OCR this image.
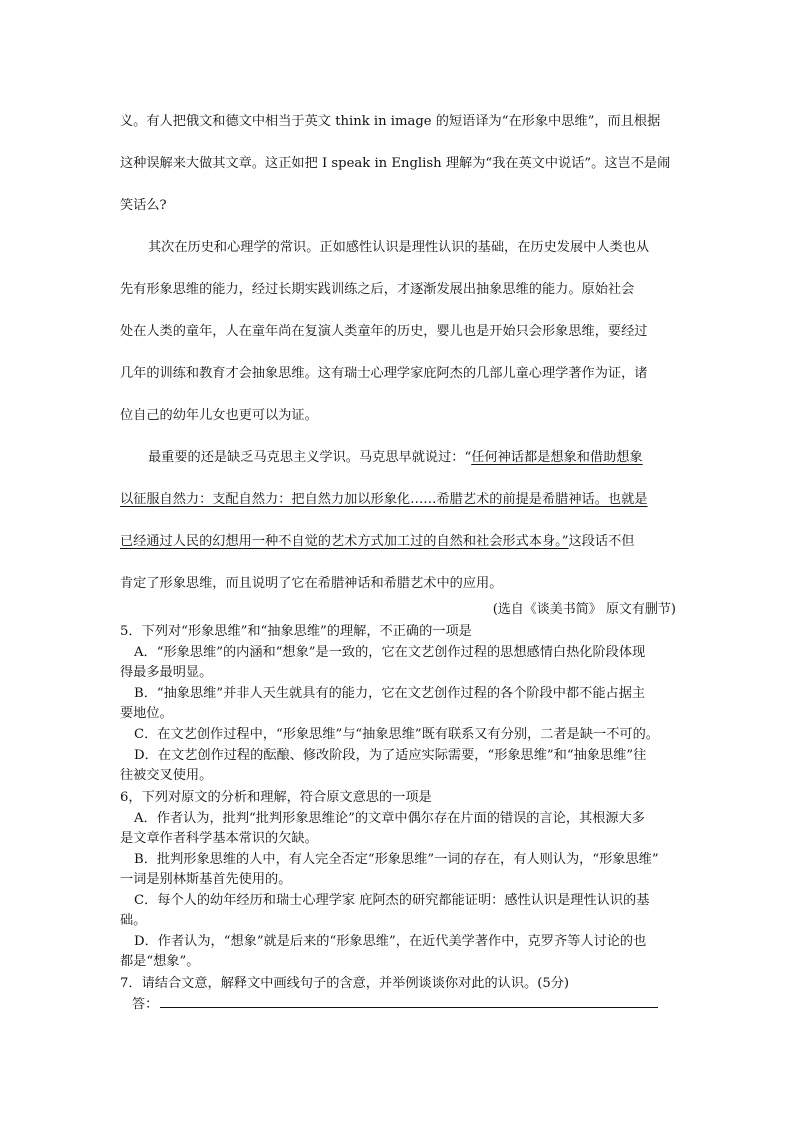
义。有人把俄文和德文中相当于英文 think in image 的短语译为“在形象中思维”，而且根据
这种误解来大做其文章。这正如把 I speak in English 理解为“我在英文中说话”。这岂不是闹
笑话么?
其次在历史和心理学的常识。正如感性认识是理性认识的基础，在历史发展中人类也从
先有形象思维的能力，经过长期实践训练之后，才逐渐发展出抽象思维的能力。原始社会
处在人类的童年，人在童年尚在复演人类童年的历史，婴儿也是开始只会形象思维，要经过
几年的训练和教育才会抽象思维。这有瑞士心理学家庇阿杰的几部儿童心理学著作为证，诸
位自己的幼年儿女也更可以为证。
最重要的还是缺乏马克思主义学识。马克思早就说过：“任何神话都是想象和借助想象
以征服自然力：支配自然力：把自然力加以形象化……希腊艺术的前提是希腊神话。也就是
已经通过人民的幻想用一种不自觉的艺术方式加工过的自然和社会形式本身。”这段话不但
肯定了形象思维，而且说明了它在希腊神话和希腊艺术中的应用。
(选自《谈美书简》 原文有删节)
5．下列对“形象思维”和“抽象思维”的理解，不正确的一项是
A．“形象思维”的内涵和“想象”是一致的，它在文艺创作过程的思想感情白热化阶段体现
得最多最明显。
B．“抽象思维”并非人天生就具有的能力，它在文艺创作过程的各个阶段中都不能占据主
要地位。
C．在文艺创作过程中，“形象思维”与“抽象思维”既有联系又有分别，二者是缺一不可的。
D．在文艺创作过程的酝酿、修改阶段，为了适应实际需要，“形象思维”和“抽象思维”往
往被交叉使用。
6，下列对原文的分析和理解，符合原文意思的一项是
A．作者认为，批判“批判形象思维论”的文章中偶尔存在片面的错误的言论，其根源大多
是文章作者科学基本常识的欠缺。
B．批判形象思维的人中，有人完全否定“形象思维”一词的存在，有人则认为，“形象思维”
一词是别林斯基首先使用的。
C．每个人的幼年经历和瑞士心理学家 庇阿杰的研究都能证明：感性认识是理性认识的基
础。
D．作者认为，“想象”就是后来的“形象思维”，在近代美学著作中，克罗齐等人讨论的也
都是“想象”。
7．请结合文意，解释文中画线句子的含意，并举例谈谈你对此的认识。(5分)
答：
